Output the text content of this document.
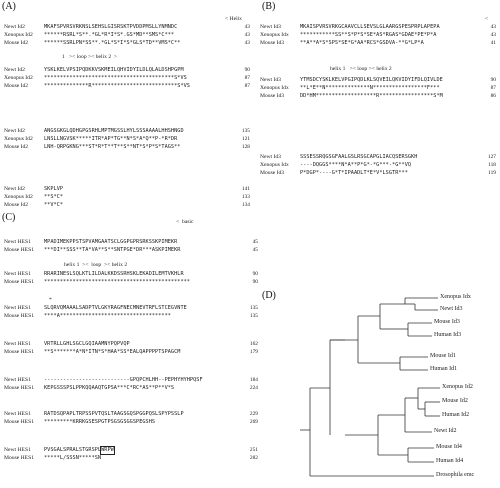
(A)	(B)
(C)
(D)
Newt Id2	MKAFSPVRSVRKNSLSEHSLGISRSKTPVDDPMSLLYNMNDC	43
Xenopus Id2	******RSRL*S**.*GL*R*I*S*.GS*MD**SMS*C***	43
Mouse Id2	******SSRLPN*SS**.*GL*S*I*S*GLS*TD**VMS*C**	43
Newt Id2	YSKLKELVPSIPQDKKVSKMEILQHVIDYILDLQLALDSHPGPM	90
Xenopus Id2	*****************************************S*VS	87
Mouse Id2	**************R***************************S*VS	87
Newt Id2	ANGSGKGLQDHGPGSRHLMPTMGSSLHYLSSSAAAALHHSHNGD	135
Xenopus Id2	LNSLLNGVSK*****ITR*AP*TG**N*S*A*Q**P-*R*DR	121
Mouse Id2	LNH-QRPGKNG***ST*R*T**T**S**NT*S*P*S*TAGS**	128
Newt Id2	SKPLVP	141
Xenopus Id2	**S*C*	133
Mouse Id2	**V*C*	134
< Helix
1   >< loop >< helix 2  >
Newt Id3	MKAISPVRSVRKGCAAVCLLSEVSLGLAARGSPESPRPLAPEPA	43
Xenopus Idx	***********SS**S*P*S*SE*AS*RGAS*GDAE*PE*P*A	43
Mouse Id3	**A**A*S*SPS*SE*G*AA*RCS*GSDVA-**G*LP*A	41
Newt Id3	YTMSDCYSKLKELVPGIPQDLKLSQVEILQKVIDYIFDLQIVLDE	90
Xenopus Idx	**L*E**N**************N*****************F***	87
Mouse Id3	DD*HM*******************R*****************S*M	86
Newt Id3	SSSESSRQGSGFAALGSLRSGCAPGLIACQSERSGKH	127
Xenopus Idx	----DQGGS****N*A**P*G*-*G***-*G**VQ	118
Mouse Id3	P*DGP*----G*T*IPAADLT*E*V*LSGTR***	119
<
helix 1   >< loop >< helix 2
Newt HES1	MPADIMEKPPSTSPVAMGAATSCLGGPGPRSRKSSKPIMEKR	45
Mouse HES1	***DI**SSS**TA*VA**S**SNTPGE*DR***ASKPIMEKR	45
Newt HES1	RRARINESLSQLKTLILDALKKDSSRHSKLEKADILEMTVKHLR	90
Mouse HES1	**********************************************	90
Newt HES1	SLQRVQMAAALSADPTVLGKYRAGFNECMNEVTRFLSTCEGVNTE	135
Mouse HES1	****A***********************************	135
Newt HES1	VRTRLLGHLSGCLGQIAAMNYPQPVQP	162
Mouse HES1	**S*******A*N*ITN*S*HAA*SS*EALQAPPPPTSPAGCM	179
Newt HES1	---------------------------GPQPCHLHH--PEPHYHYHPQSF	184
Mouse HES1	KEPGSSSPSLPPKQQAAQTGPSA***C*RC*AS**P**V*S	224
Newt HES1	RATDSQPAPLTRPSSPVTQSLTAAGSGQSPGGPQSLSPYPSSLP	229
Mouse HES1	*********KRRKGSESPGTPSGSGSGGSPEGSHS	269
Newt HES1	PVSGALSPRALSTGRSPL WRPW	251
Mouse HES1	*****L/SSSN*****SN	282
<  basic
helix 1  ><  loop  >< helix 2
*	Xenopus Idx
Newt Id3
Mouse Id3
Human Id3
Mouse Id1
Human Id1
Xenopus Id2
Mouse Id2
Human Id2
Newt Id2
Mouse Id4
Human Id4
Drosophila emc
